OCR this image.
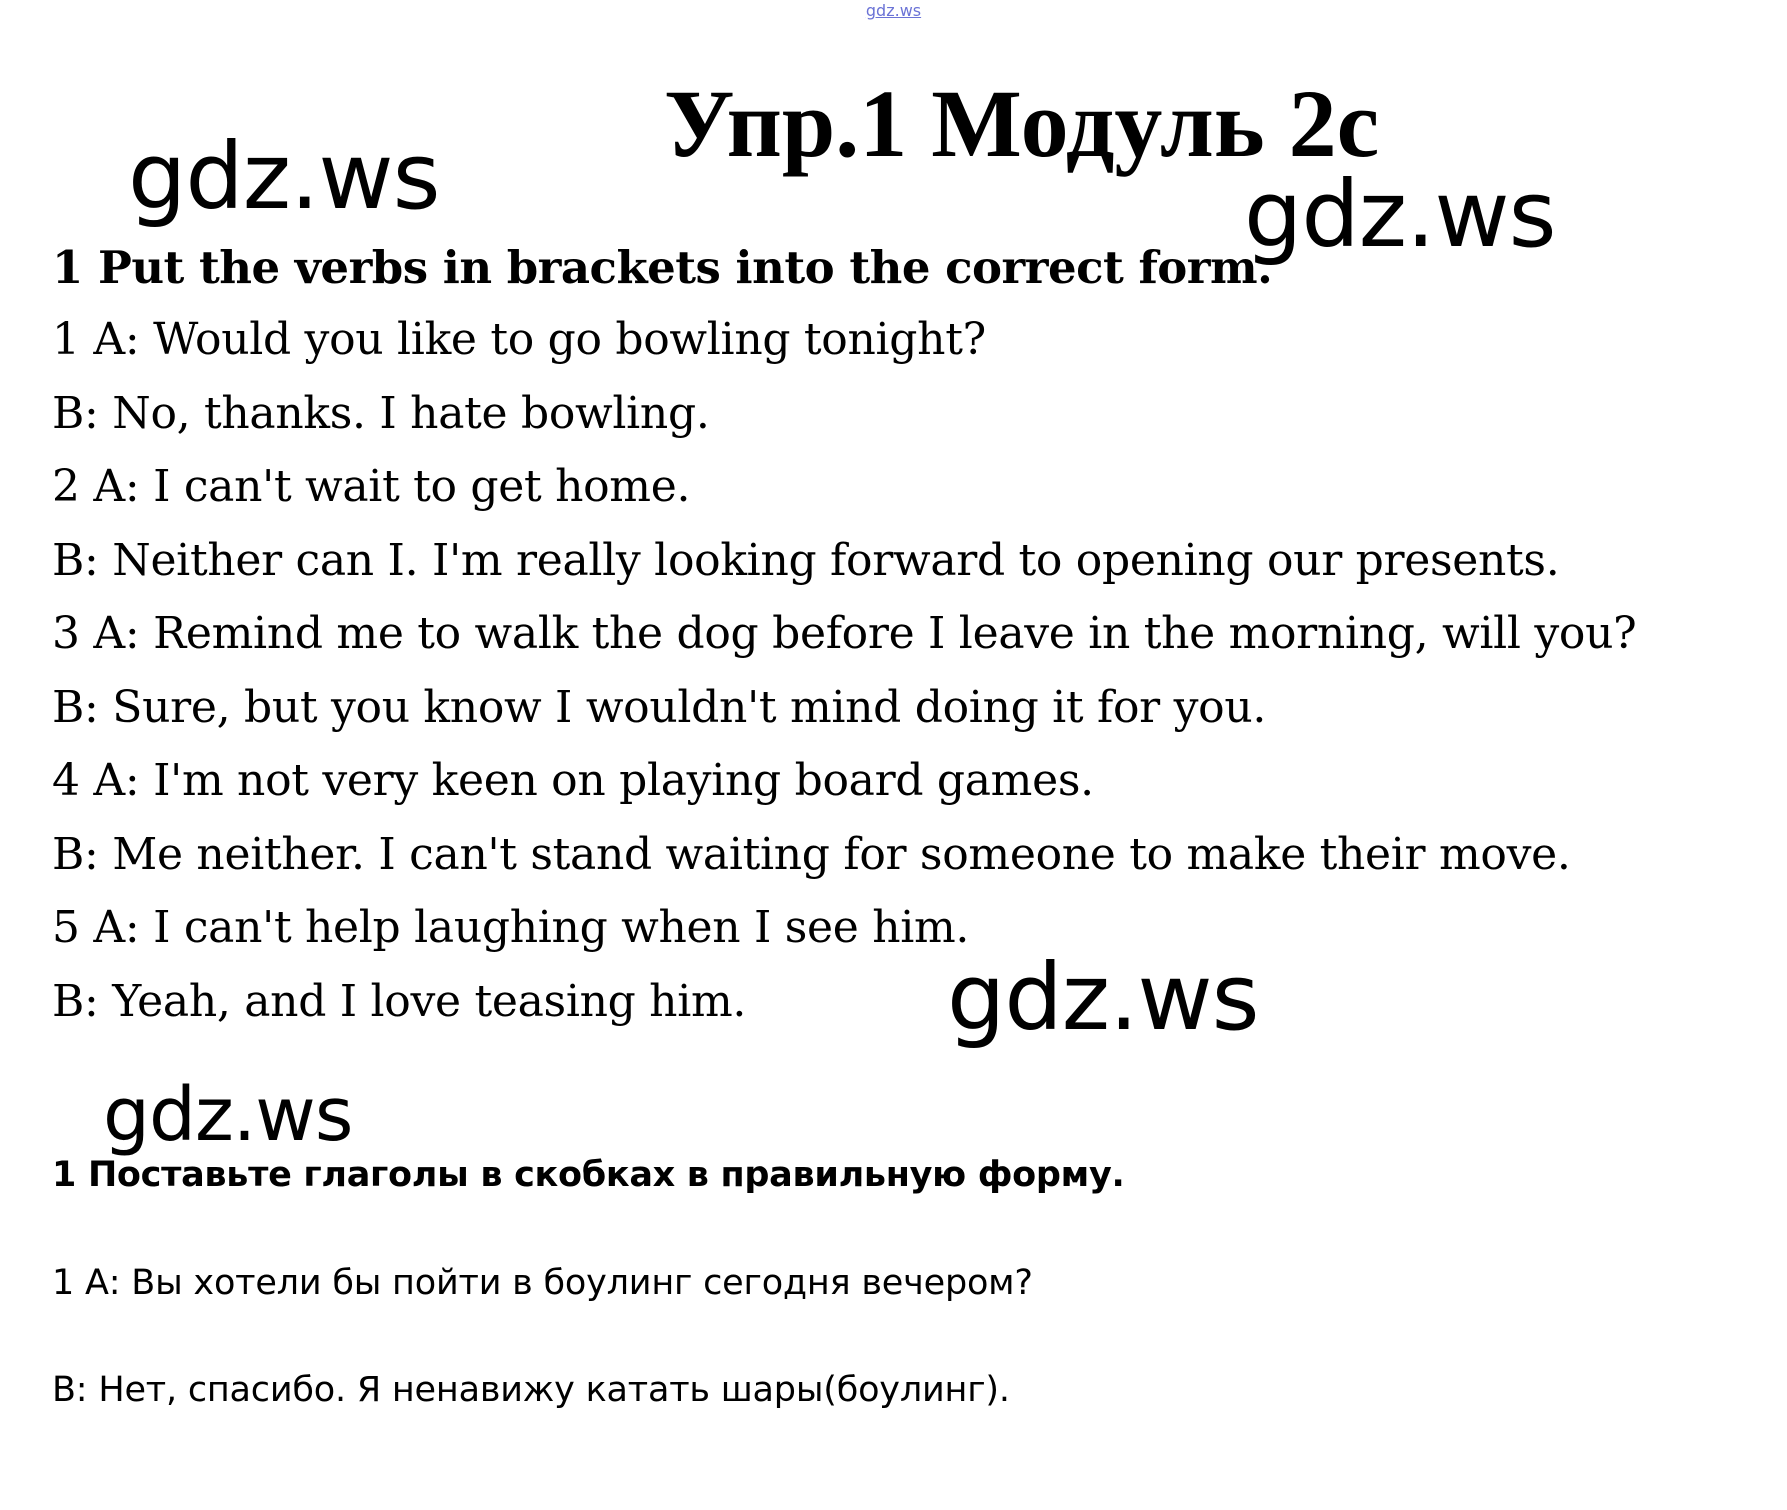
gdz.ws
Упр.1 Модуль 2с
gdz.ws	gdz.ws
1 Put the verbs in brackets into the correct form.
1 A: Would you like to go bowling tonight?
B: No, thanks. I hate bowling.
2 A: I can't wait to get home.
B: Neither can I. I'm really looking forward to opening our presents.
3 A: Remind me to walk the dog before I leave in the morning, will you?
B: Sure, but you know I wouldn't mind doing it for you.
4 A: I'm not very keen on playing board games.
B: Me neither. I can't stand waiting for someone to make their move.
5 A: I can't help laughing when I see him.
B: Yeah, and I love teasing him.	gdz.ws
gdz.ws
1 Поставьте глаголы в скобках в правильную форму.
1 А: Вы хотели бы пойти в боулинг сегодня вечером?
В: Нет, спасибо. Я ненавижу катать шары(боулинг).
